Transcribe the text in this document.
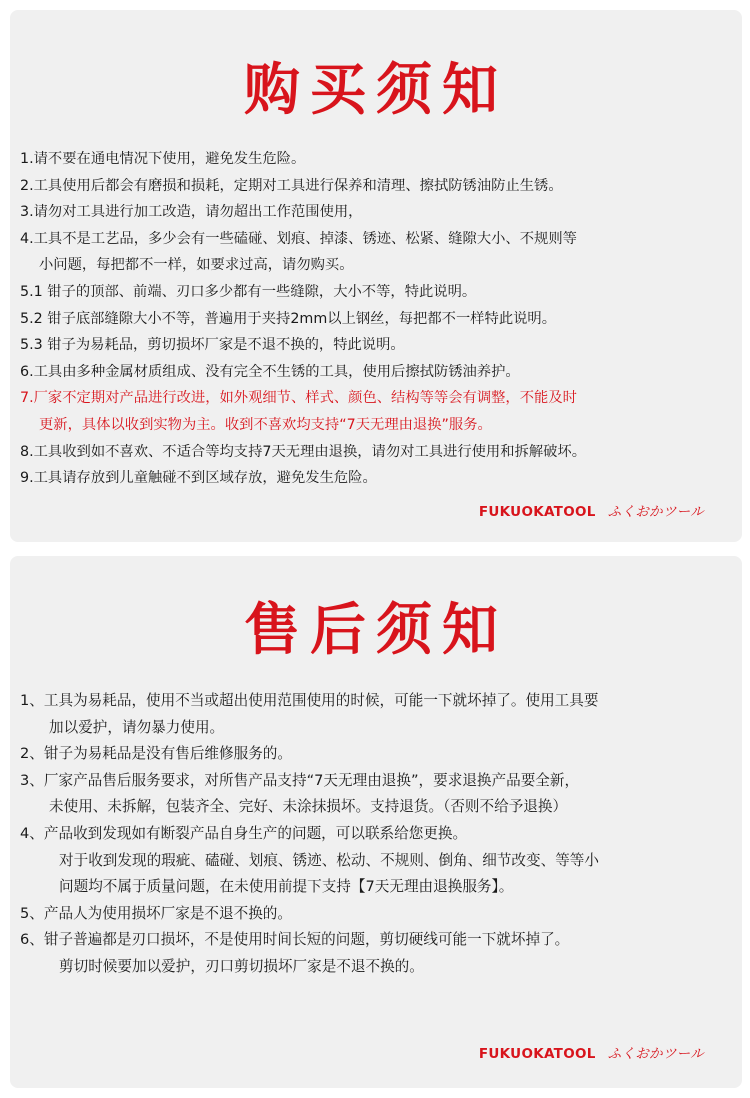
购买须知
1.请不要在通电情况下使用，避免发生危险。
2.工具使用后都会有磨损和损耗，定期对工具进行保养和清理、擦拭防锈油防止生锈。
3.请勿对工具进行加工改造，请勿超出工作范围使用，
4.工具不是工艺品，多少会有一些磕碰、划痕、掉漆、锈迹、松紧、缝隙大小、不规则等
小问题，每把都不一样，如要求过高，请勿购买。
5.1 钳子的顶部、前端、刃口多少都有一些缝隙，大小不等，特此说明。
5.2 钳子底部缝隙大小不等，普遍用于夹持2mm以上钢丝，每把都不一样特此说明。
5.3 钳子为易耗品，剪切损坏厂家是不退不换的，特此说明。
6.工具由多种金属材质组成、没有完全不生锈的工具，使用后擦拭防锈油养护。
7.厂家不定期对产品进行改进，如外观细节、样式、颜色、结构等等会有调整，不能及时
更新，具体以收到实物为主。收到不喜欢均支持“7天无理由退换”服务。
8.工具收到如不喜欢、不适合等均支持7天无理由退换，请勿对工具进行使用和拆解破坏。
9.工具请存放到儿童触碰不到区域存放，避免发生危险。
FUKUOKATOOL ふくおかツール
售后须知
1、工具为易耗品，使用不当或超出使用范围使用的时候，可能一下就坏掉了。使用工具要
加以爱护，请勿暴力使用。
2、钳子为易耗品是没有售后维修服务的。
3、厂家产品售后服务要求，对所售产品支持“7天无理由退换”，要求退换产品要全新，
未使用、未拆解，包装齐全、完好、未涂抹损坏。支持退货。（否则不给予退换）
4、产品收到发现如有断裂产品自身生产的问题，可以联系给您更换。
对于收到发现的瑕疵、磕碰、划痕、锈迹、松动、不规则、倒角、细节改变、等等小
问题均不属于质量问题，在未使用前提下支持【7天无理由退换服务】。
5、产品人为使用损坏厂家是不退不换的。
6、钳子普遍都是刃口损坏，不是使用时间长短的问题，剪切硬线可能一下就坏掉了。
剪切时候要加以爱护，刃口剪切损坏厂家是不退不换的。
FUKUOKATOOL ふくおかツール
